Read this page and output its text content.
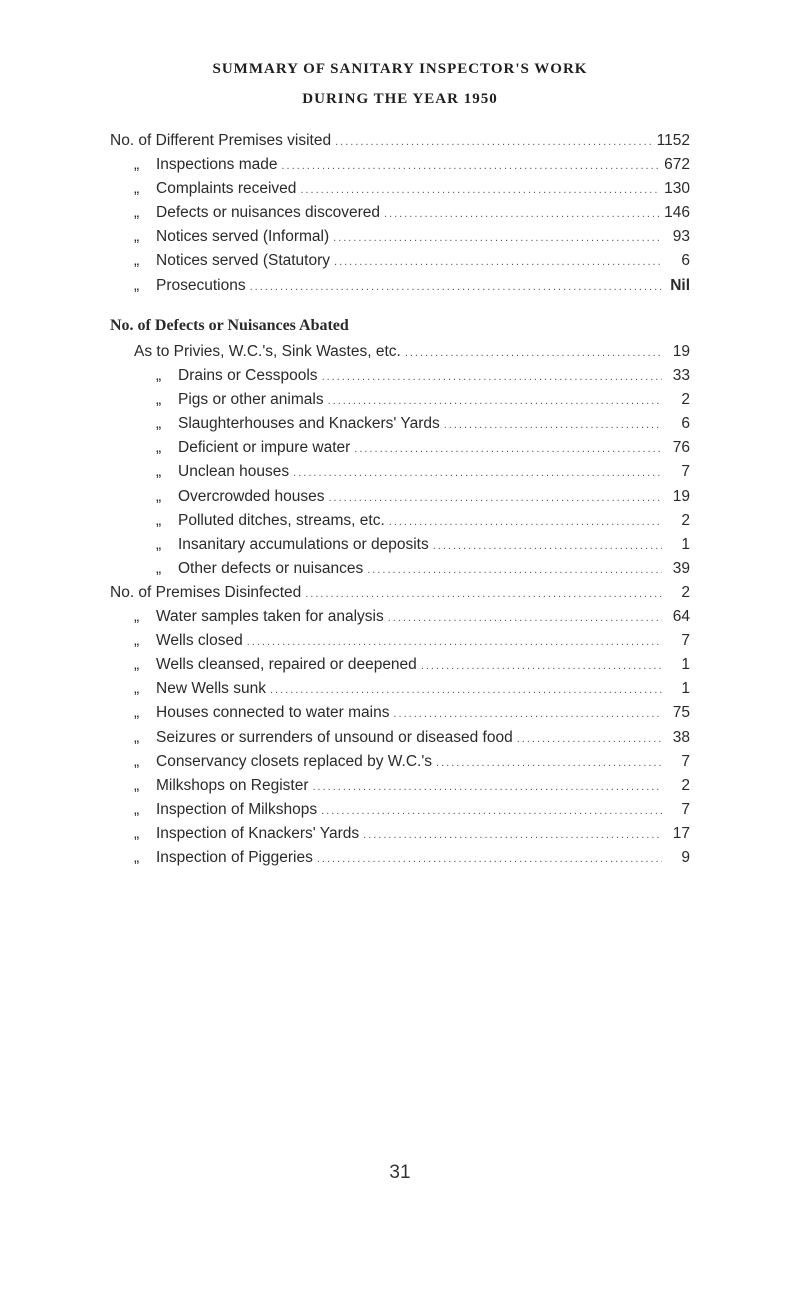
SUMMARY OF SANITARY INSPECTOR'S WORK
DURING THE YEAR 1950
No. of Different Premises visited .....	1152
„ Inspections made .....	672
„ Complaints received .....	130
„ Defects or nuisances discovered .....	146
„ Notices served (Informal) .....	93
„ Notices served (Statutory .....	6
„ Prosecutions .....	Nil
No. of Defects or Nuisances Abated
As to Privies, W.C.'s, Sink Wastes, etc. .....	19
„ Drains or Cesspools .....	33
„ Pigs or other animals .....	2
„ Slaughterhouses and Knackers' Yards .....	6
„ Deficient or impure water .....	76
„ Unclean houses .....	7
„ Overcrowded houses .....	19
„ Polluted ditches, streams, etc. .....	2
„ Insanitary accumulations or deposits .....	1
„ Other defects or nuisances .....	39
No. of Premises Disinfected .....	2
„ Water samples taken for analysis .....	64
„ Wells closed .....	7
„ Wells cleansed, repaired or deepened .....	1
„ New Wells sunk .....	1
„ Houses connected to water mains .....	75
„ Seizures or surrenders of unsound or diseased food .....	38
„ Conservancy closets replaced by W.C.'s .....	7
„ Milkshops on Register .....	2
„ Inspection of Milkshops .....	7
„ Inspection of Knackers' Yards .....	17
„ Inspection of Piggeries .....	9
31
